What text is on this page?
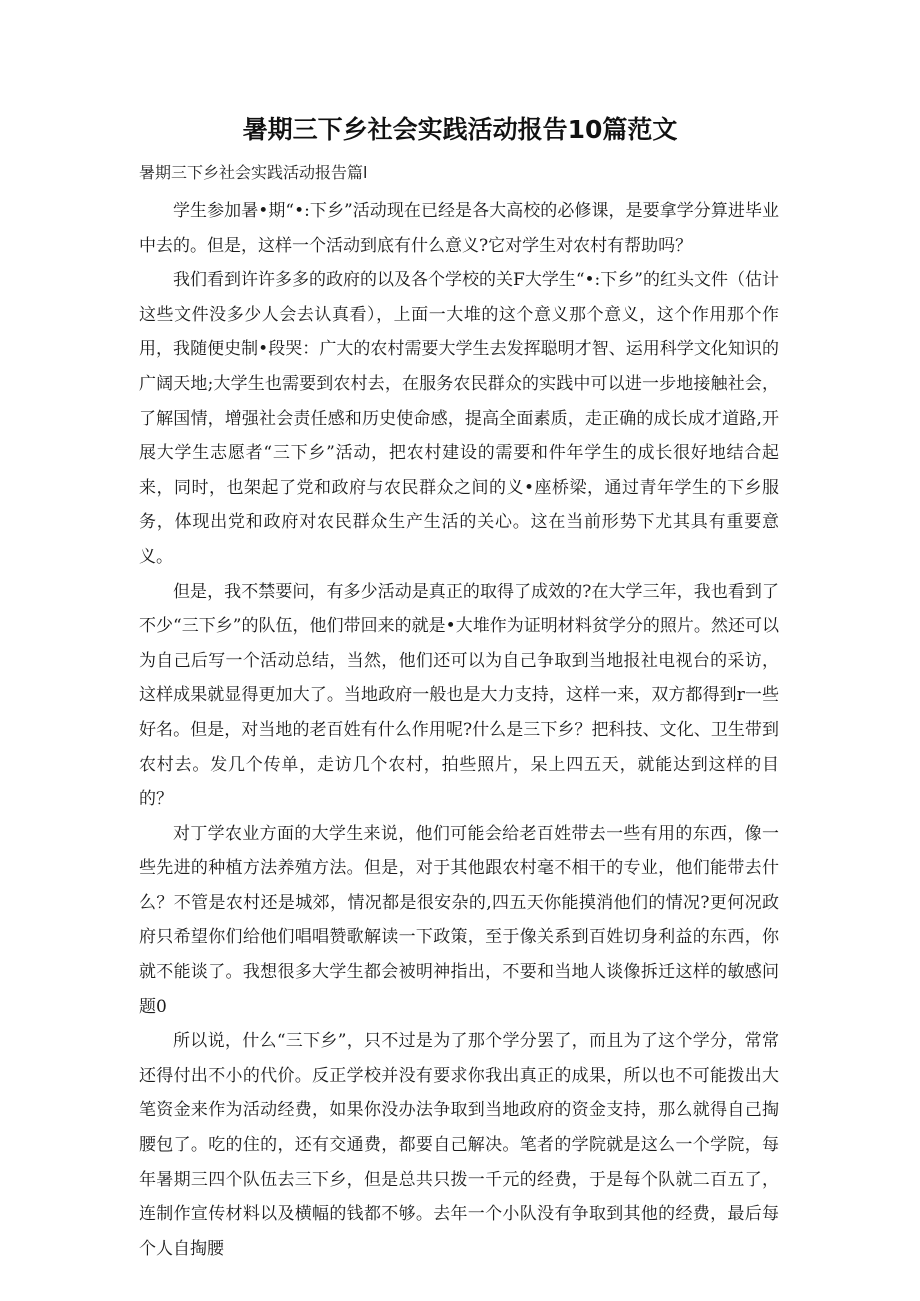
暑期三下乡社会实践活动报告10篇范文
暑期三下乡社会实践活动报告篇l

学生参加暑•期“•:下乡”活动现在已经是各大高校的必修课，是要拿学分算进毕业中去的。但是，这样一个活动到底有什么意义?它对学生对农村有帮助吗？

我们看到许许多多的政府的以及各个学校的关F大学生“•:下乡”的红头文件（估计这些文件没多少人会去认真看），上面一大堆的这个意义那个意义，这个作用那个作用，我随便史制•段哭：广大的农村需要大学生去发挥聪明才智、运用科学文化知识的广阔天地;大学生也需要到农村去，在服务农民群众的实践中可以进一步地接触社会，了解国情，增强社会责任感和历史使命感，提高全面素质，走正确的成长成才道路,开展大学生志愿者“三下乡”活动，把农村建设的需要和件年学生的成长很好地结合起来，同时，也架起了党和政府与农民群众之间的义•座桥梁，通过青年学生的下乡服务，体现出党和政府对农民群众生产生活的关心。这在当前形势下尤其具有重要意义。

但是，我不禁要问，有多少活动是真正的取得了成效的?在大学三年，我也看到了不少“三下乡”的队伍，他们带回来的就是•大堆作为证明材料贫学分的照片。然还可以为自己后写一个活动总结，当然，他们还可以为自己争取到当地报社电视台的采访，这样成果就显得更加大了。当地政府一般也是大力支持，这样一来，双方都得到r一些好名。但是，对当地的老百姓有什么作用呢?什么是三下乡？把科技、文化、卫生带到农村去。发几个传单，走访几个农村，拍些照片，呆上四五天，就能达到这样的目的？

对丁学农业方面的大学生来说，他们可能会给老百姓带去一些有用的东西，像一些先进的种植方法养殖方法。但是，对于其他跟农村毫不相干的专业，他们能带去什么？不管是农村还是城郊，情况都是很安杂的,四五天你能摸消他们的情况?更何况政府只希望你们给他们唱唱赞歌解读一下政策，至于像关系到百姓切身利益的东西，你就不能谈了。我想很多大学生都会被明神指出，不要和当地人谈像拆迁这样的敏感问题0

所以说，什么“三下乡”，只不过是为了那个学分罢了，而且为了这个学分，常常还得付出不小的代价。反正学校并没有要求你我出真正的成果，所以也不可能拨出大笔资金来作为活动经费，如果你没办法争取到当地政府的资金支持，那么就得自己掏腰包了。吃的住的，还有交通费，都要自己解决。笔者的学院就是这么一个学院，每年暑期三四个队伍去三下乡，但是总共只拨一千元的经费，于是每个队就二百五了，连制作宣传材料以及横幅的钱都不够。去年一个小队没有争取到其他的经费，最后每个人自掏腰
